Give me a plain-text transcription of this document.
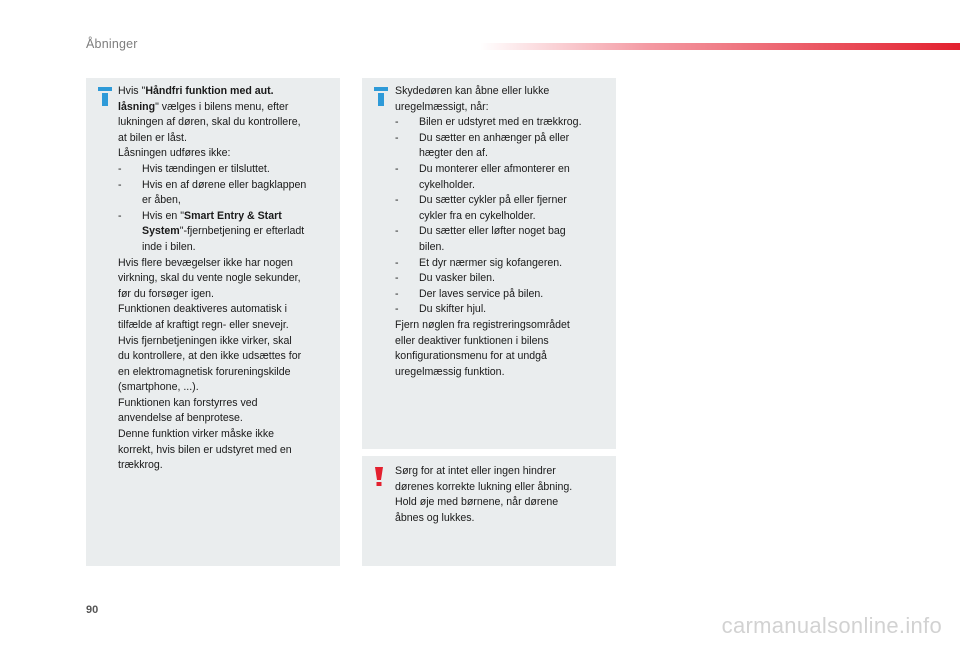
Åbninger
Hvis "Håndfri funktion med aut.
låsning" vælges i bilens menu, efter
lukningen af døren, skal du kontrollere,
at bilen er låst.
Låsningen udføres ikke:
- Hvis tændingen er tilsluttet.
- Hvis en af dørene eller bagklappen
er åben,
- Hvis en "Smart Entry & Start
System"-fjernbetjening er efterladt
inde i bilen.
Hvis flere bevægelser ikke har nogen
virkning, skal du vente nogle sekunder,
før du forsøger igen.
Funktionen deaktiveres automatisk i
tilfælde af kraftigt regn- eller snevejr.
Hvis fjernbetjeningen ikke virker, skal
du kontrollere, at den ikke udsættes for
en elektromagnetisk forureningskilde
(smartphone, ...).
Funktionen kan forstyrres ved
anvendelse af benprotese.
Denne funktion virker måske ikke
korrekt, hvis bilen er udstyret med en
trækkrog.
Skydedøren kan åbne eller lukke
uregelmæssigt, når:
- Bilen er udstyret med en trækkrog.
- Du sætter en anhænger på eller
hægter den af.
- Du monterer eller afmonterer en
cykelholder.
- Du sætter cykler på eller fjerner
cykler fra en cykelholder.
- Du sætter eller løfter noget bag
bilen.
- Et dyr nærmer sig kofangeren.
- Du vasker bilen.
- Der laves service på bilen.
- Du skifter hjul.
Fjern nøglen fra registreringsområdet
eller deaktiver funktionen i bilens
konfigurationsmenu for at undgå
uregelmæssig funktion.
Sørg for at intet eller ingen hindrer
dørenes korrekte lukning eller åbning.
Hold øje med børnene, når dørene
åbnes og lukkes.
90
carmanualsonline.info
